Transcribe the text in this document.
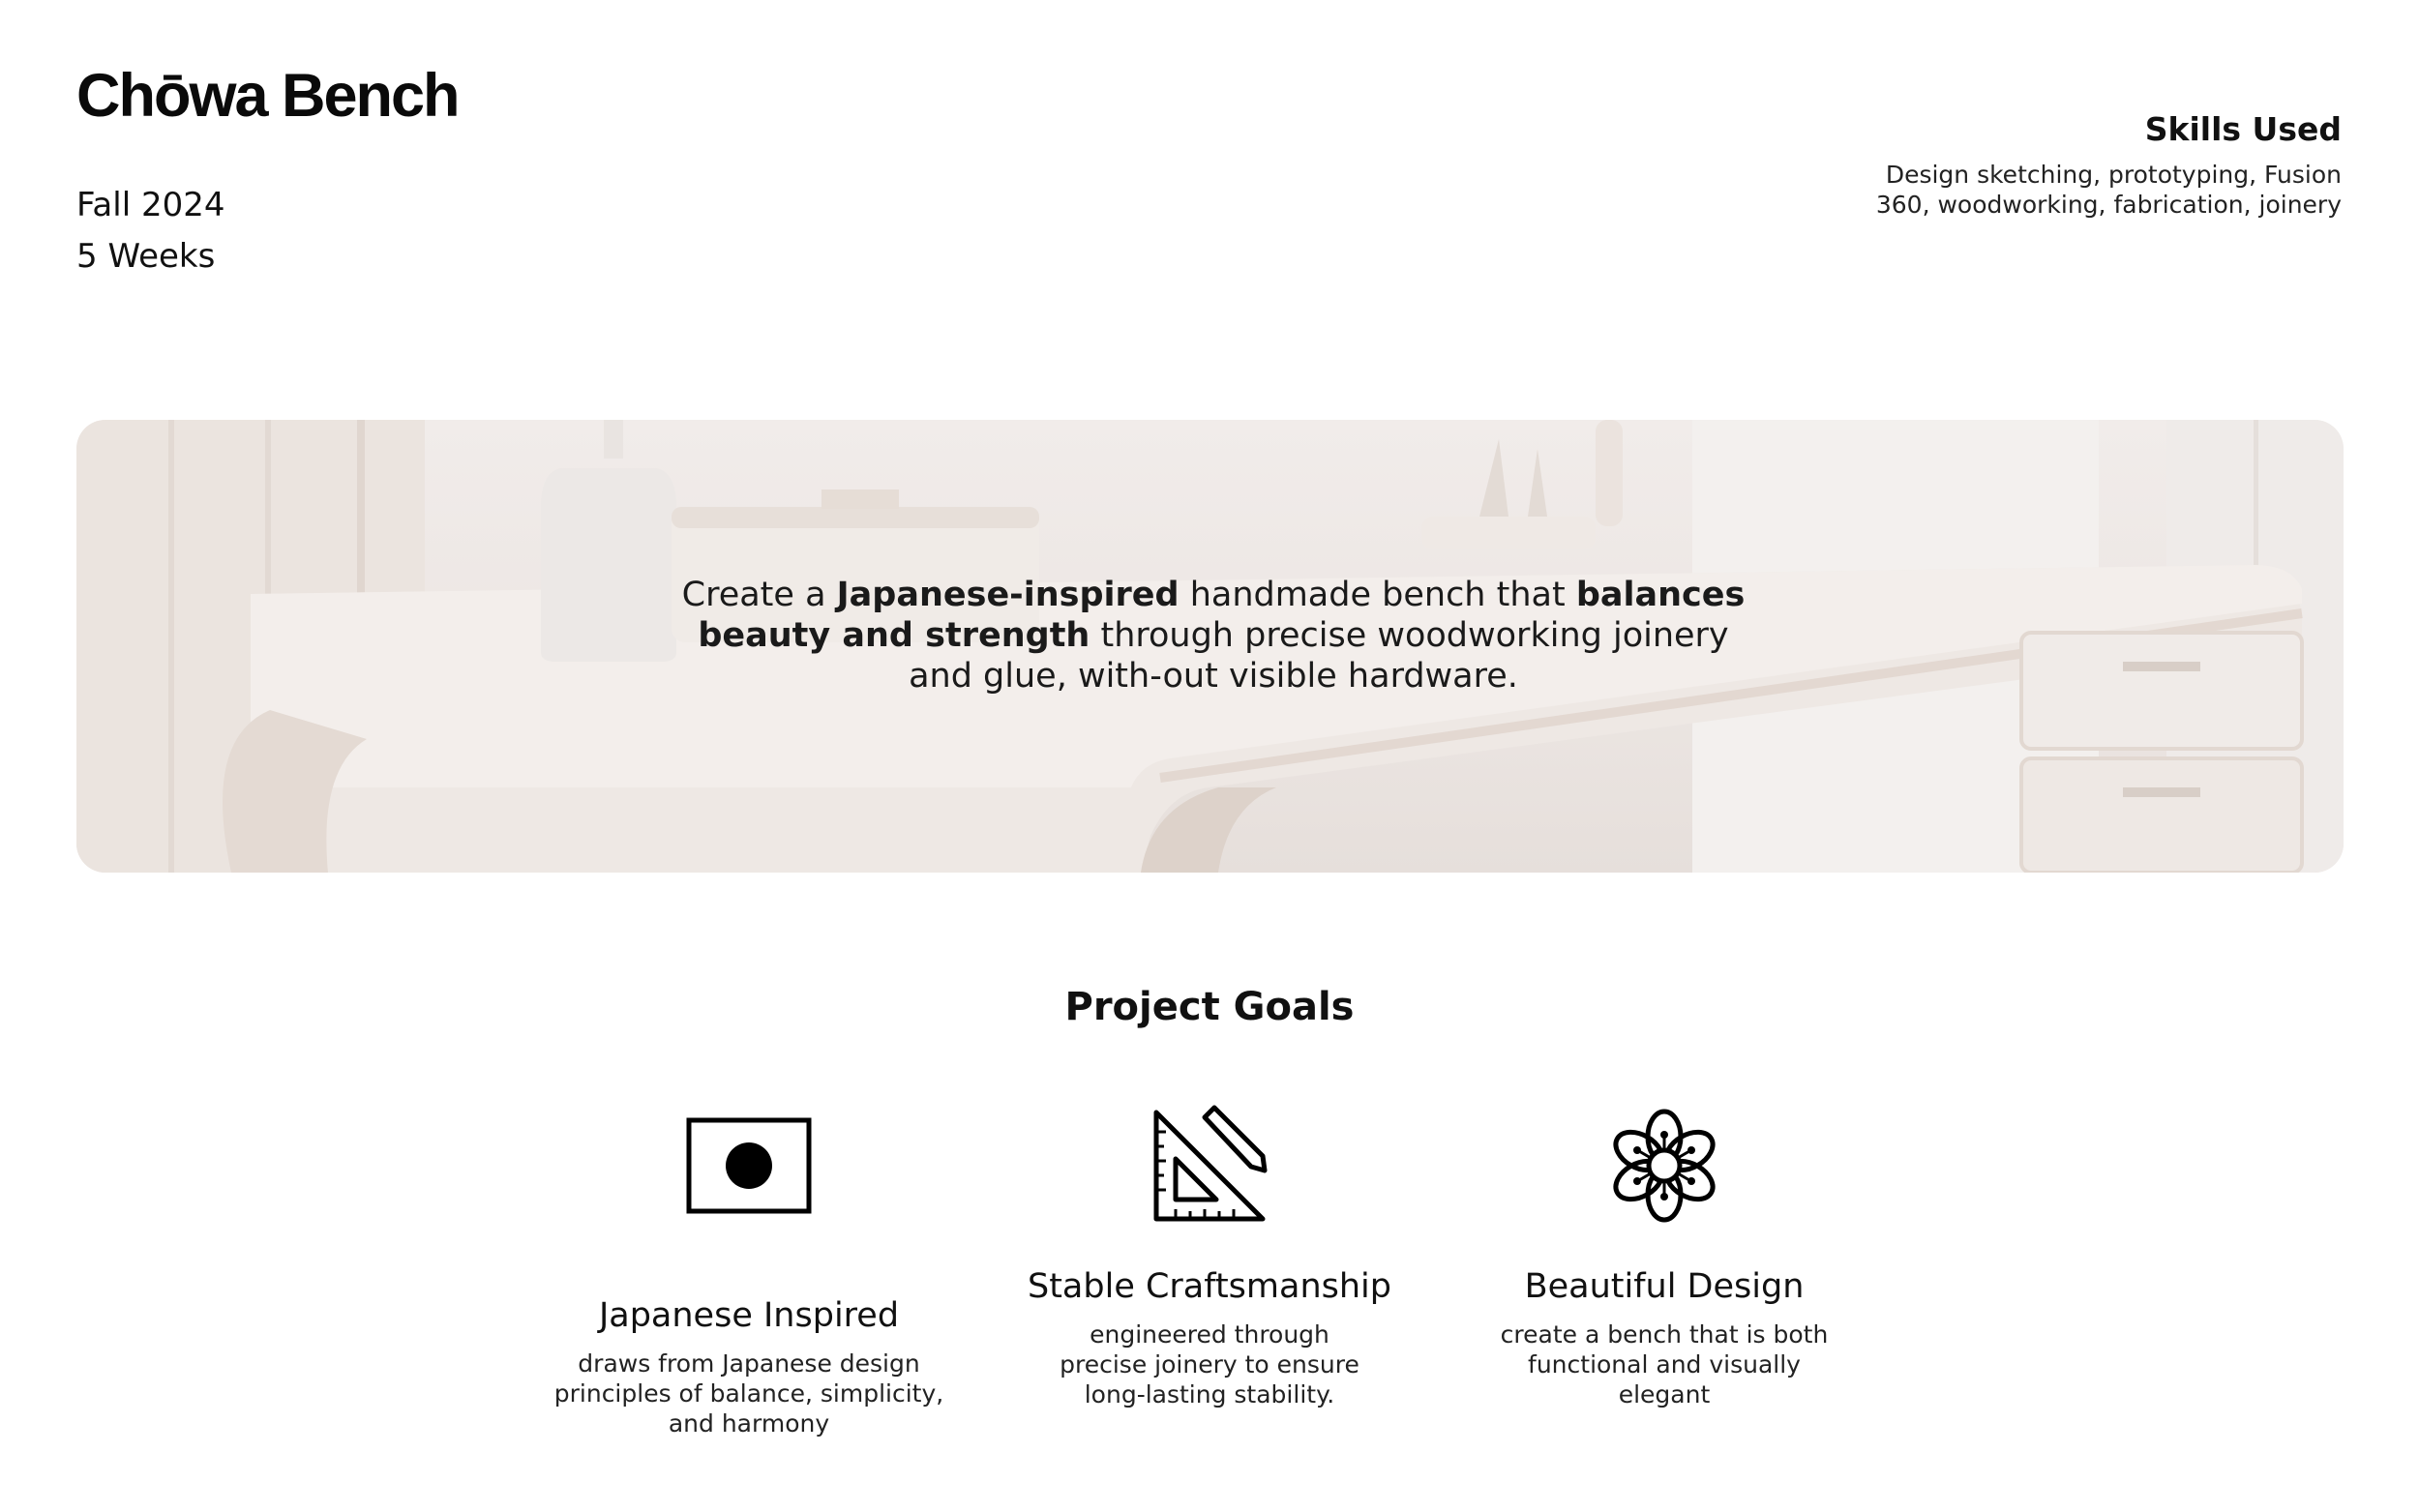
Chōwa Bench
Fall 2024
5 Weeks
Skills Used
Design sketching, prototyping, Fusion
360, woodworking, fabrication, joinery
Create a Japanese-inspired handmade bench that balances beauty and strength through precise woodworking joinery and glue, with-out visible hardware.
Project Goals
Japanese Inspired
draws from Japanese design
principles of balance, simplicity,
and harmony
Stable Craftsmanship
engineered through
precise joinery to ensure
long-lasting stability.
Beautiful Design
create a bench that is both
functional and visually
elegant
